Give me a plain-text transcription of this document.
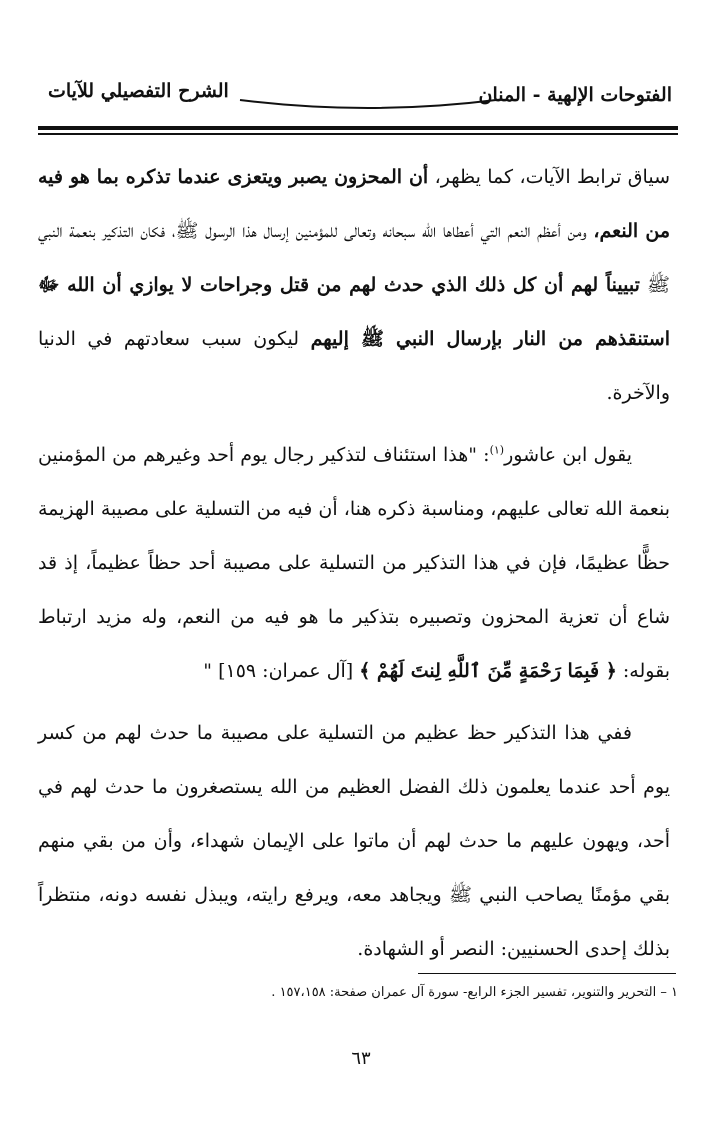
الفتوحات الإلهية - المنان
الشرح التفصيلي للآيات

سياق ترابط الآيات، كما يظهر، أن المحزون يصبر ويتعزى عندما تذكره بما هو فيه من النعم، ومن أعظم النعم التي أعطاها الله سبحانه وتعالى للمؤمنين إرسال هذا الرسول ﷺ، فكان التذكير بنعمة النبي ﷺ تبييناً لهم أن كل ذلك الذي حدث لهم من قتل وجراحات لا يوازي أن الله ﷻ استنقذهم من النار بإرسال النبي ﷺ إليهم ليكون سبب سعادتهم في الدنيا والآخرة.

يقول ابن عاشور$^{(١)}$: "هذا استئناف لتذكير رجال يوم أحد وغيرهم من المؤمنين بنعمة الله تعالى عليهم، ومناسبة ذكره هنا، أن فيه من التسلية على مصيبة الهزيمة حظًّا عظيمًا، فإن في هذا التذكير من التسلية على مصيبة أحد حظاً عظيماً، إذ قد شاع أن تعزية المحزون وتصبيره بتذكير ما هو فيه من النعم، وله مزيد ارتباط بقوله: ﴿ فَبِمَا رَحْمَةٍ مِّنَ ٱللَّهِ لِنتَ لَهُمْ ﴾ [آل عمران: ١٥٩] "

ففي هذا التذكير حظ عظيم من التسلية على مصيبة ما حدث لهم من كسر يوم أحد عندما يعلمون ذلك الفضل العظيم من الله يستصغرون ما حدث لهم في أحد، ويهون عليهم ما حدث لهم أن ماتوا على الإيمان شهداء، وأن من بقي منهم بقي مؤمنًا يصاحب النبي ﷺ ويجاهد معه، ويرفع رايته، ويبذل نفسه دونه، منتظراً بذلك إحدى الحسنيين: النصر أو الشهادة.

١ – التحرير والتنوير، تفسير الجزء الرابع- سورة آل عمران صفحة: ١٥٧،١٥٨ .
٦٣
